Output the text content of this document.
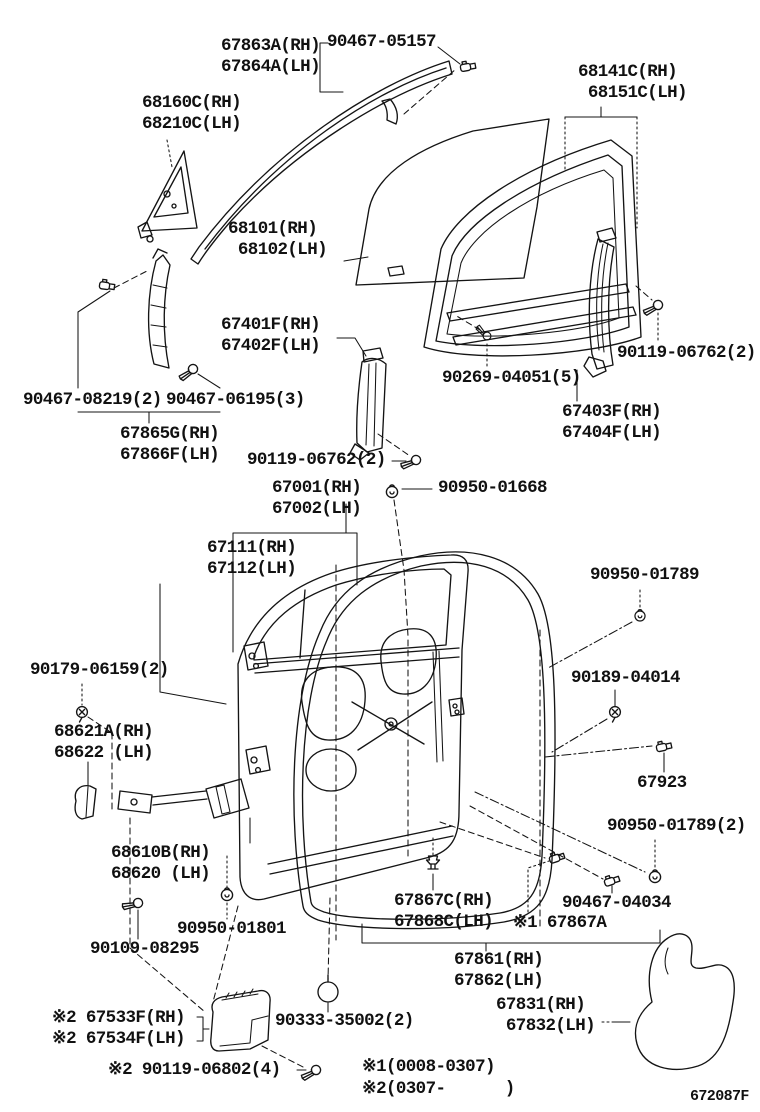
67863A(RH)
67864A(LH)
90467-05157
68141C(RH)
68151C(LH)
68160C(RH)
68210C(LH)
68101(RH)
68102(LH)
67401F(RH)
67402F(LH)
90269-04051(5)
90119-06762(2)
67403F(RH)
67404F(LH)
90467-08219(2) 90467-06195(3)
67865G(RH)
67866F(LH) 90119-06762(2)
67001(RH)
67002(LH)
90950-01668
67111(RH)
67112(LH)	90950-01789
90179-06159(2)
68621A(RH)
68622 (LH)
90189-04014
67923
90950-01789(2)
68610B(RH)
68620 (LH)
67867C(RH)
67868C(LH) ※1 67867A
90467-04034
67861(RH)
67862(LH)
67831(RH)
67832(LH)
※2 67533F(RH)
※2 67534F(LH)
90333-35002(2)
※2 90119-06802(4)
90109-08295
90950-01801
※1(0008-0307)
※2(0307-      )	672087F
